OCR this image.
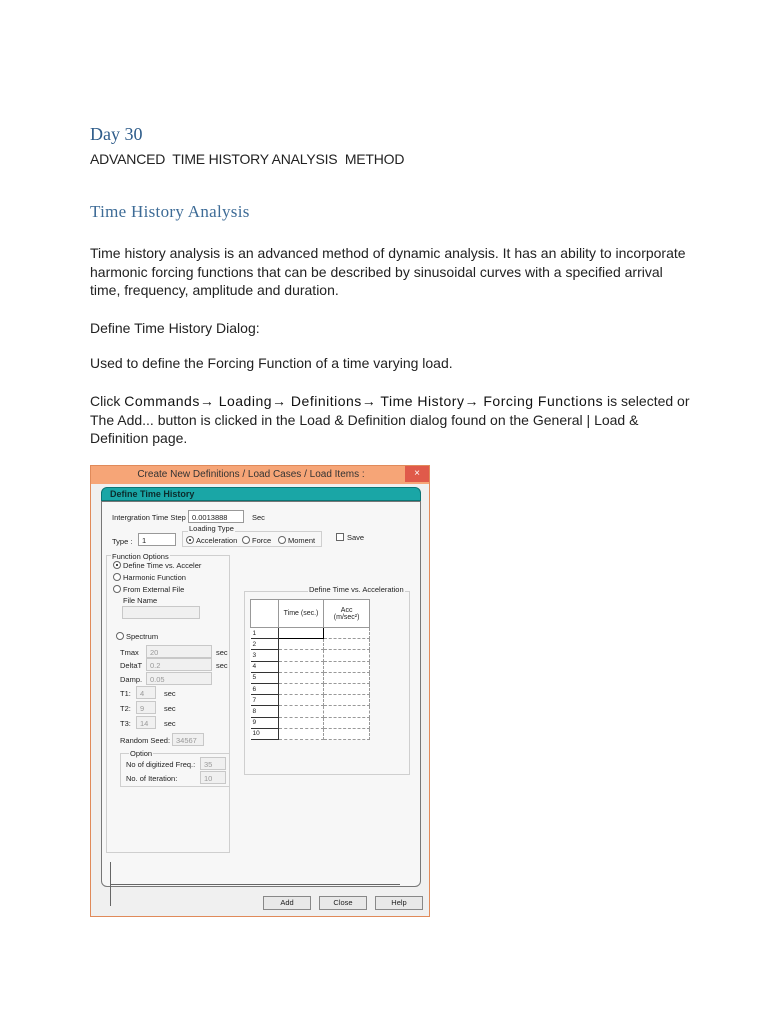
Day 30
ADVANCED  TIME HISTORY ANALYSIS  METHOD
Time History Analysis

Time history analysis is an advanced method of dynamic analysis. It has an ability to incorporate  harmonic forcing functions that can be described by sinusoidal curves with a specified arrival time, frequency, amplitude and duration.

Define Time History Dialog:

Used to define the Forcing Function of a time varying load.

Click Commands→ Loading→ Definitions→ Time History→ Forcing Functions is selected or The Add... button is clicked in the Load & Definition dialog found on the General | Load & Definition page.

Create New Definitions / Load Cases / Load Items :	×
Define Time History
Intergration Time Step 0.0013888	Sec
Loading Type
Type :	1	Acceleration Force Moment	Save
Function Options
Define Time vs. Acceler
Harmonic Function
From External File
File Name
Spectrum
Tmax	20	sec
DeltaT	0.2	sec
Damp.	0.05
T1:	4	sec
T2:	9	sec
T3:	14	sec
Random Seed: 34567
Option
No of digitized Freq.:	35
No. of Iteration:	10
Define Time vs. Acceleration
	Time (sec.)	Acc
(m/sec²)
1		
2		
3		
4		
5		
6		
7		
8		
9		
10		
Add	Close	Help
